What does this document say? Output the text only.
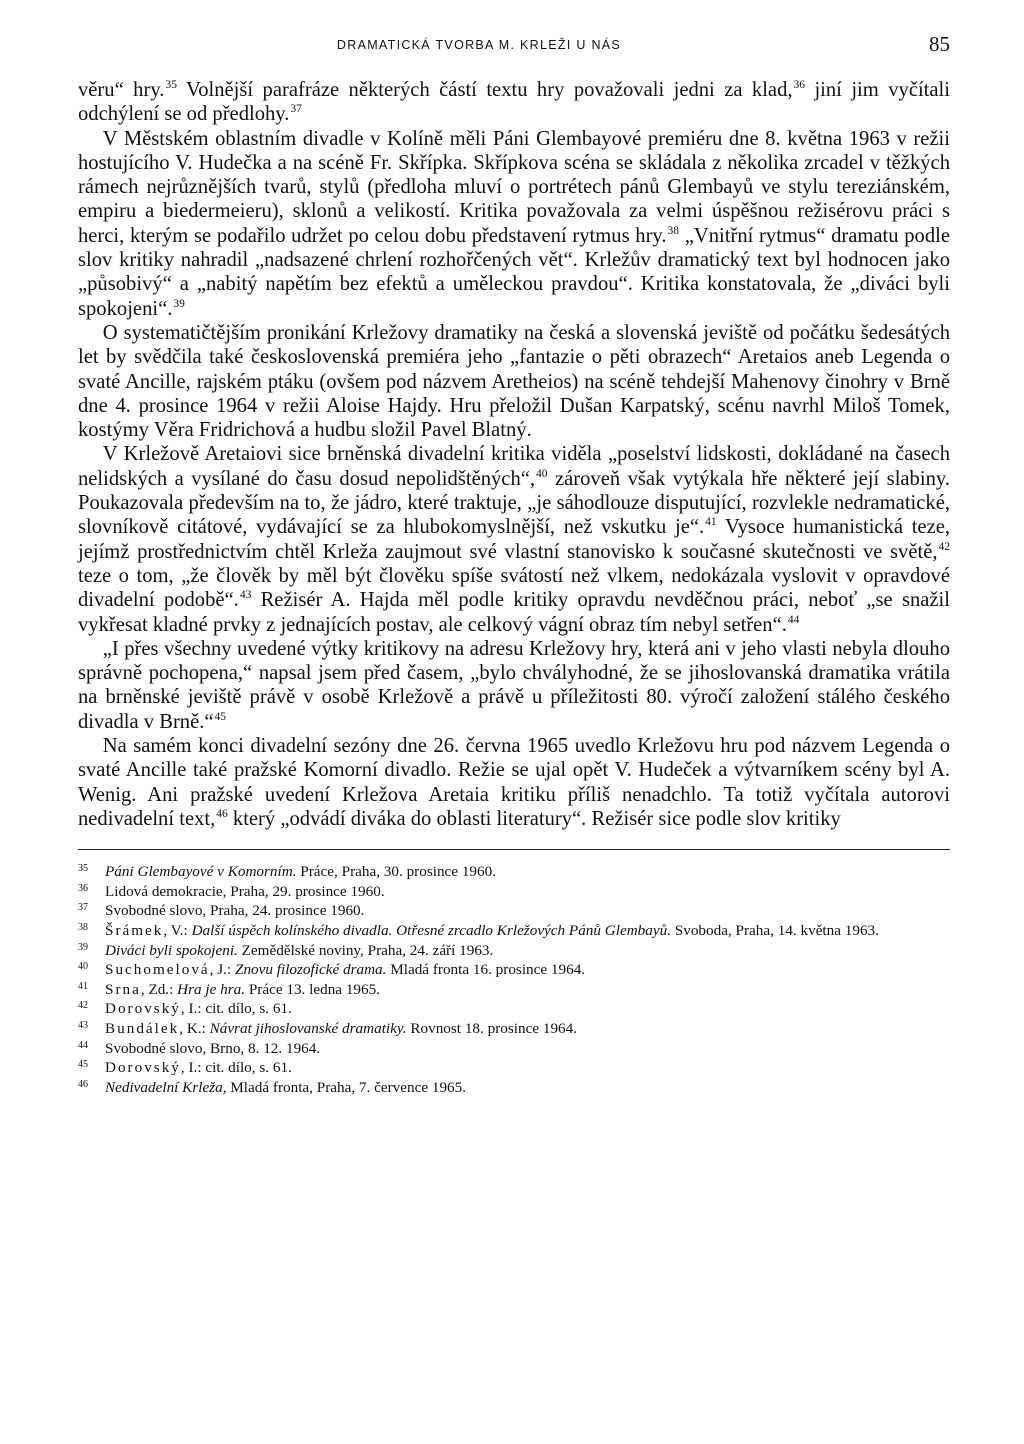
DRAMATICKÁ TVORBA M. KRLEŽI U NÁS	85

věru“ hry.$^{35}$ Volnější parafráze některých částí textu hry považovali jedni za klad,$^{36}$ jiní jim vyčítali odchýlení se od předlohy.$^{37}$

V Městském oblastním divadle v Kolíně měli Páni Glembayové premiéru dne 8. května 1963 v režii hostujícího V. Hudečka a na scéně Fr. Skřípka. Skřípkova scéna se skládala z několika zrcadel v těžkých rámech nejrůznějších tvarů, stylů (předloha mluví o portrétech pánů Glembayů ve stylu tereziánském, empiru a biedermeieru), sklonů a velikostí. Kritika považovala za velmi úspěšnou režisérovu práci s herci, kterým se podařilo udržet po celou dobu představení rytmus hry.$^{38}$ „Vnitřní rytmus“ dramatu podle slov kritiky nahradil „nadsazené chrlení rozhořčených vět“. Krležův dramatický text byl hodnocen jako „působivý“ a „nabitý napětím bez efektů a uměleckou pravdou“. Kritika konstatovala, že „diváci byli spokojeni“.$^{39}$

O systematičtějším pronikání Krležovy dramatiky na česká a slovenská jeviště od počátku šedesátých let by svědčila také československá premiéra jeho „fantazie o pěti obrazech“ Aretaios aneb Legenda o svaté Ancille, rajském ptáku (ovšem pod názvem Aretheios) na scéně tehdejší Mahenovy činohry v Brně dne 4. prosince 1964 v režii Aloise Hajdy. Hru přeložil Dušan Karpatský, scénu navrhl Miloš Tomek, kostýmy Věra Fridrichová a hudbu složil Pavel Blatný.

V Krležově Aretaiovi sice brněnská divadelní kritika viděla „poselství lidskosti, dokládané na časech nelidských a vysílané do času dosud nepolidštěných“,$^{40}$ zároveň však vytýkala hře některé její slabiny. Poukazovala především na to, že jádro, které traktuje, „je sáhodlouze disputující, rozvlekle nedramatické, slovníkově citátové, vydávající se za hlubokomyslnější, než vskutku je“.$^{41}$ Vysoce humanistická teze, jejímž prostřednictvím chtěl Krleža zaujmout své vlastní stanovisko k současné skutečnosti ve světě,$^{42}$ teze o tom, „že člověk by měl být člověku spíše svátostí než vlkem, nedokázala vyslovit v opravdové divadelní podobě“.$^{43}$ Režisér A. Hajda měl podle kritiky opravdu nevděčnou práci, neboť „se snažil vykřesat kladné prvky z jednajících postav, ale celkový vágní obraz tím nebyl setřen“.$^{44}$

„I přes všechny uvedené výtky kritikovy na adresu Krležovy hry, která ani v jeho vlasti nebyla dlouho správně pochopena,“ napsal jsem před časem, „bylo chvályhodné, že se jihoslovanská dramatika vrátila na brněnské jeviště právě v osobě Krležově a právě u příležitosti 80. výročí založení stálého českého divadla v Brně.“$^{45}$

Na samém konci divadelní sezóny dne 26. června 1965 uvedlo Krležovu hru pod názvem Legenda o svaté Ancille také pražské Komorní divadlo. Režie se ujal opět V. Hudeček a výtvarníkem scény byl A. Wenig. Ani pražské uvedení Krležova Aretaia kritiku příliš nenadchlo. Ta totiž vyčítala autorovi nedivadelní text,$^{46}$ který „odvádí diváka do oblasti literatury“. Režisér sice podle slov kritiky

$^{35}$	Páni Glembayové v Komorním. Práce, Praha, 30. prosince 1960.
$^{36}$	Lidová demokracie, Praha, 29. prosince 1960.
$^{37}$	Svobodné slovo, Praha, 24. prosince 1960.
$^{38}$	Šrámek, V.: Další úspěch kolínského divadla. Otřesné zrcadlo Krležových Pánů Glembayů. Svoboda, Praha, 14. května 1963.
$^{39}$	Diváci byli spokojeni. Zemědělské noviny, Praha, 24. září 1963.
$^{40}$	Suchomelová, J.: Znovu filozofické drama. Mladá fronta 16. prosince 1964.
$^{41}$	Srna, Zd.: Hra je hra. Práce 13. ledna 1965.
$^{42}$	Dorovský, I.: cit. dílo, s. 61.
$^{43}$	Bundálek, K.: Návrat jihoslovanské dramatiky. Rovnost 18. prosince 1964.
$^{44}$	Svobodné slovo, Brno, 8. 12. 1964.
$^{45}$	Dorovský, I.: cit. dílo, s. 61.
$^{46}$	Nedivadelní Krleža, Mladá fronta, Praha, 7. července 1965.
